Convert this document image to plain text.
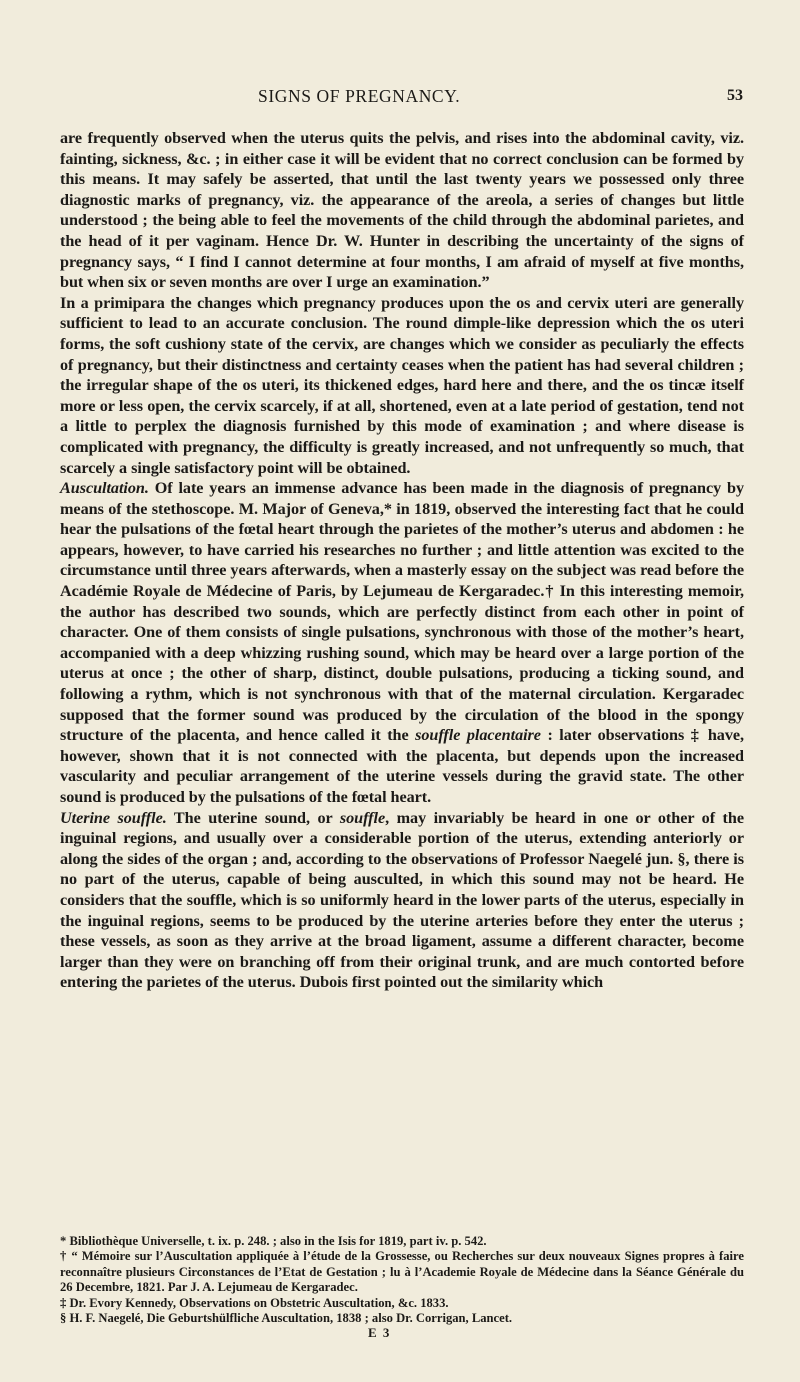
SIGNS OF PREGNANCY.	53

are frequently observed when the uterus quits the pelvis, and rises into the abdominal cavity, viz. fainting, sickness, &c. ; in either case it will be evident that no correct conclusion can be formed by this means. It may safely be asserted, that until the last twenty years we possessed only three diagnostic marks of pregnancy, viz. the appearance of the areola, a series of changes but little understood ; the being able to feel the movements of the child through the abdominal parietes, and the head of it per vaginam. Hence Dr. W. Hunter in describing the uncertainty of the signs of pregnancy says, “ I find I cannot determine at four months, I am afraid of myself at five months, but when six or seven months are over I urge an examination.”

In a primipara the changes which pregnancy produces upon the os and cervix uteri are generally sufficient to lead to an accurate conclusion. The round dimple-like depression which the os uteri forms, the soft cushiony state of the cervix, are changes which we consider as peculiarly the effects of pregnancy, but their distinctness and certainty ceases when the patient has had several children ; the irregular shape of the os uteri, its thickened edges, hard here and there, and the os tincæ itself more or less open, the cervix scarcely, if at all, shortened, even at a late period of gestation, tend not a little to perplex the diagnosis furnished by this mode of examination ; and where disease is complicated with pregnancy, the difficulty is greatly increased, and not unfrequently so much, that scarcely a single satisfactory point will be obtained.

Auscultation. Of late years an immense advance has been made in the diagnosis of pregnancy by means of the stethoscope. M. Major of Geneva,* in 1819, observed the interesting fact that he could hear the pulsations of the fœtal heart through the parietes of the mother’s uterus and abdomen : he appears, however, to have carried his researches no further ; and little attention was excited to the circumstance until three years afterwards, when a masterly essay on the subject was read before the Académie Royale de Médecine of Paris, by Lejumeau de Kergaradec.† In this interesting memoir, the author has described two sounds, which are perfectly distinct from each other in point of character. One of them consists of single pulsations, synchronous with those of the mother’s heart, accompanied with a deep whizzing rushing sound, which may be heard over a large portion of the uterus at once ; the other of sharp, distinct, double pulsations, producing a ticking sound, and following a rythm, which is not synchronous with that of the maternal circulation. Kergaradec supposed that the former sound was produced by the circulation of the blood in the spongy structure of the placenta, and hence called it the souffle placentaire : later observations ‡ have, however, shown that it is not connected with the placenta, but depends upon the increased vascularity and peculiar arrangement of the uterine vessels during the gravid state. The other sound is produced by the pulsations of the fœtal heart.

Uterine souffle. The uterine sound, or souffle, may invariably be heard in one or other of the inguinal regions, and usually over a considerable portion of the uterus, extending anteriorly or along the sides of the organ ; and, according to the observations of Professor Naegelé jun. §, there is no part of the uterus, capable of being ausculted, in which this sound may not be heard. He considers that the souffle, which is so uniformly heard in the lower parts of the uterus, especially in the inguinal regions, seems to be produced by the uterine arteries before they enter the uterus ; these vessels, as soon as they arrive at the broad ligament, assume a different character, become larger than they were on branching off from their original trunk, and are much contorted before entering the parietes of the uterus. Dubois first pointed out the similarity which

* Bibliothèque Universelle, t. ix. p. 248. ; also in the Isis for 1819, part iv. p. 542.

† “ Mémoire sur l’Auscultation appliquée à l’étude de la Grossesse, ou Recherches sur deux nouveaux Signes propres à faire reconnaître plusieurs Circonstances de l’Etat de Gestation ; lu à l’Academie Royale de Médecine dans la Séance Générale du 26 Decembre, 1821. Par J. A. Lejumeau de Kergaradec.

‡ Dr. Evory Kennedy, Observations on Obstetric Auscultation, &c. 1833.

§ H. F. Naegelé, Die Geburtshülfliche Auscultation, 1838 ; also Dr. Corrigan, Lancet.

E 3
